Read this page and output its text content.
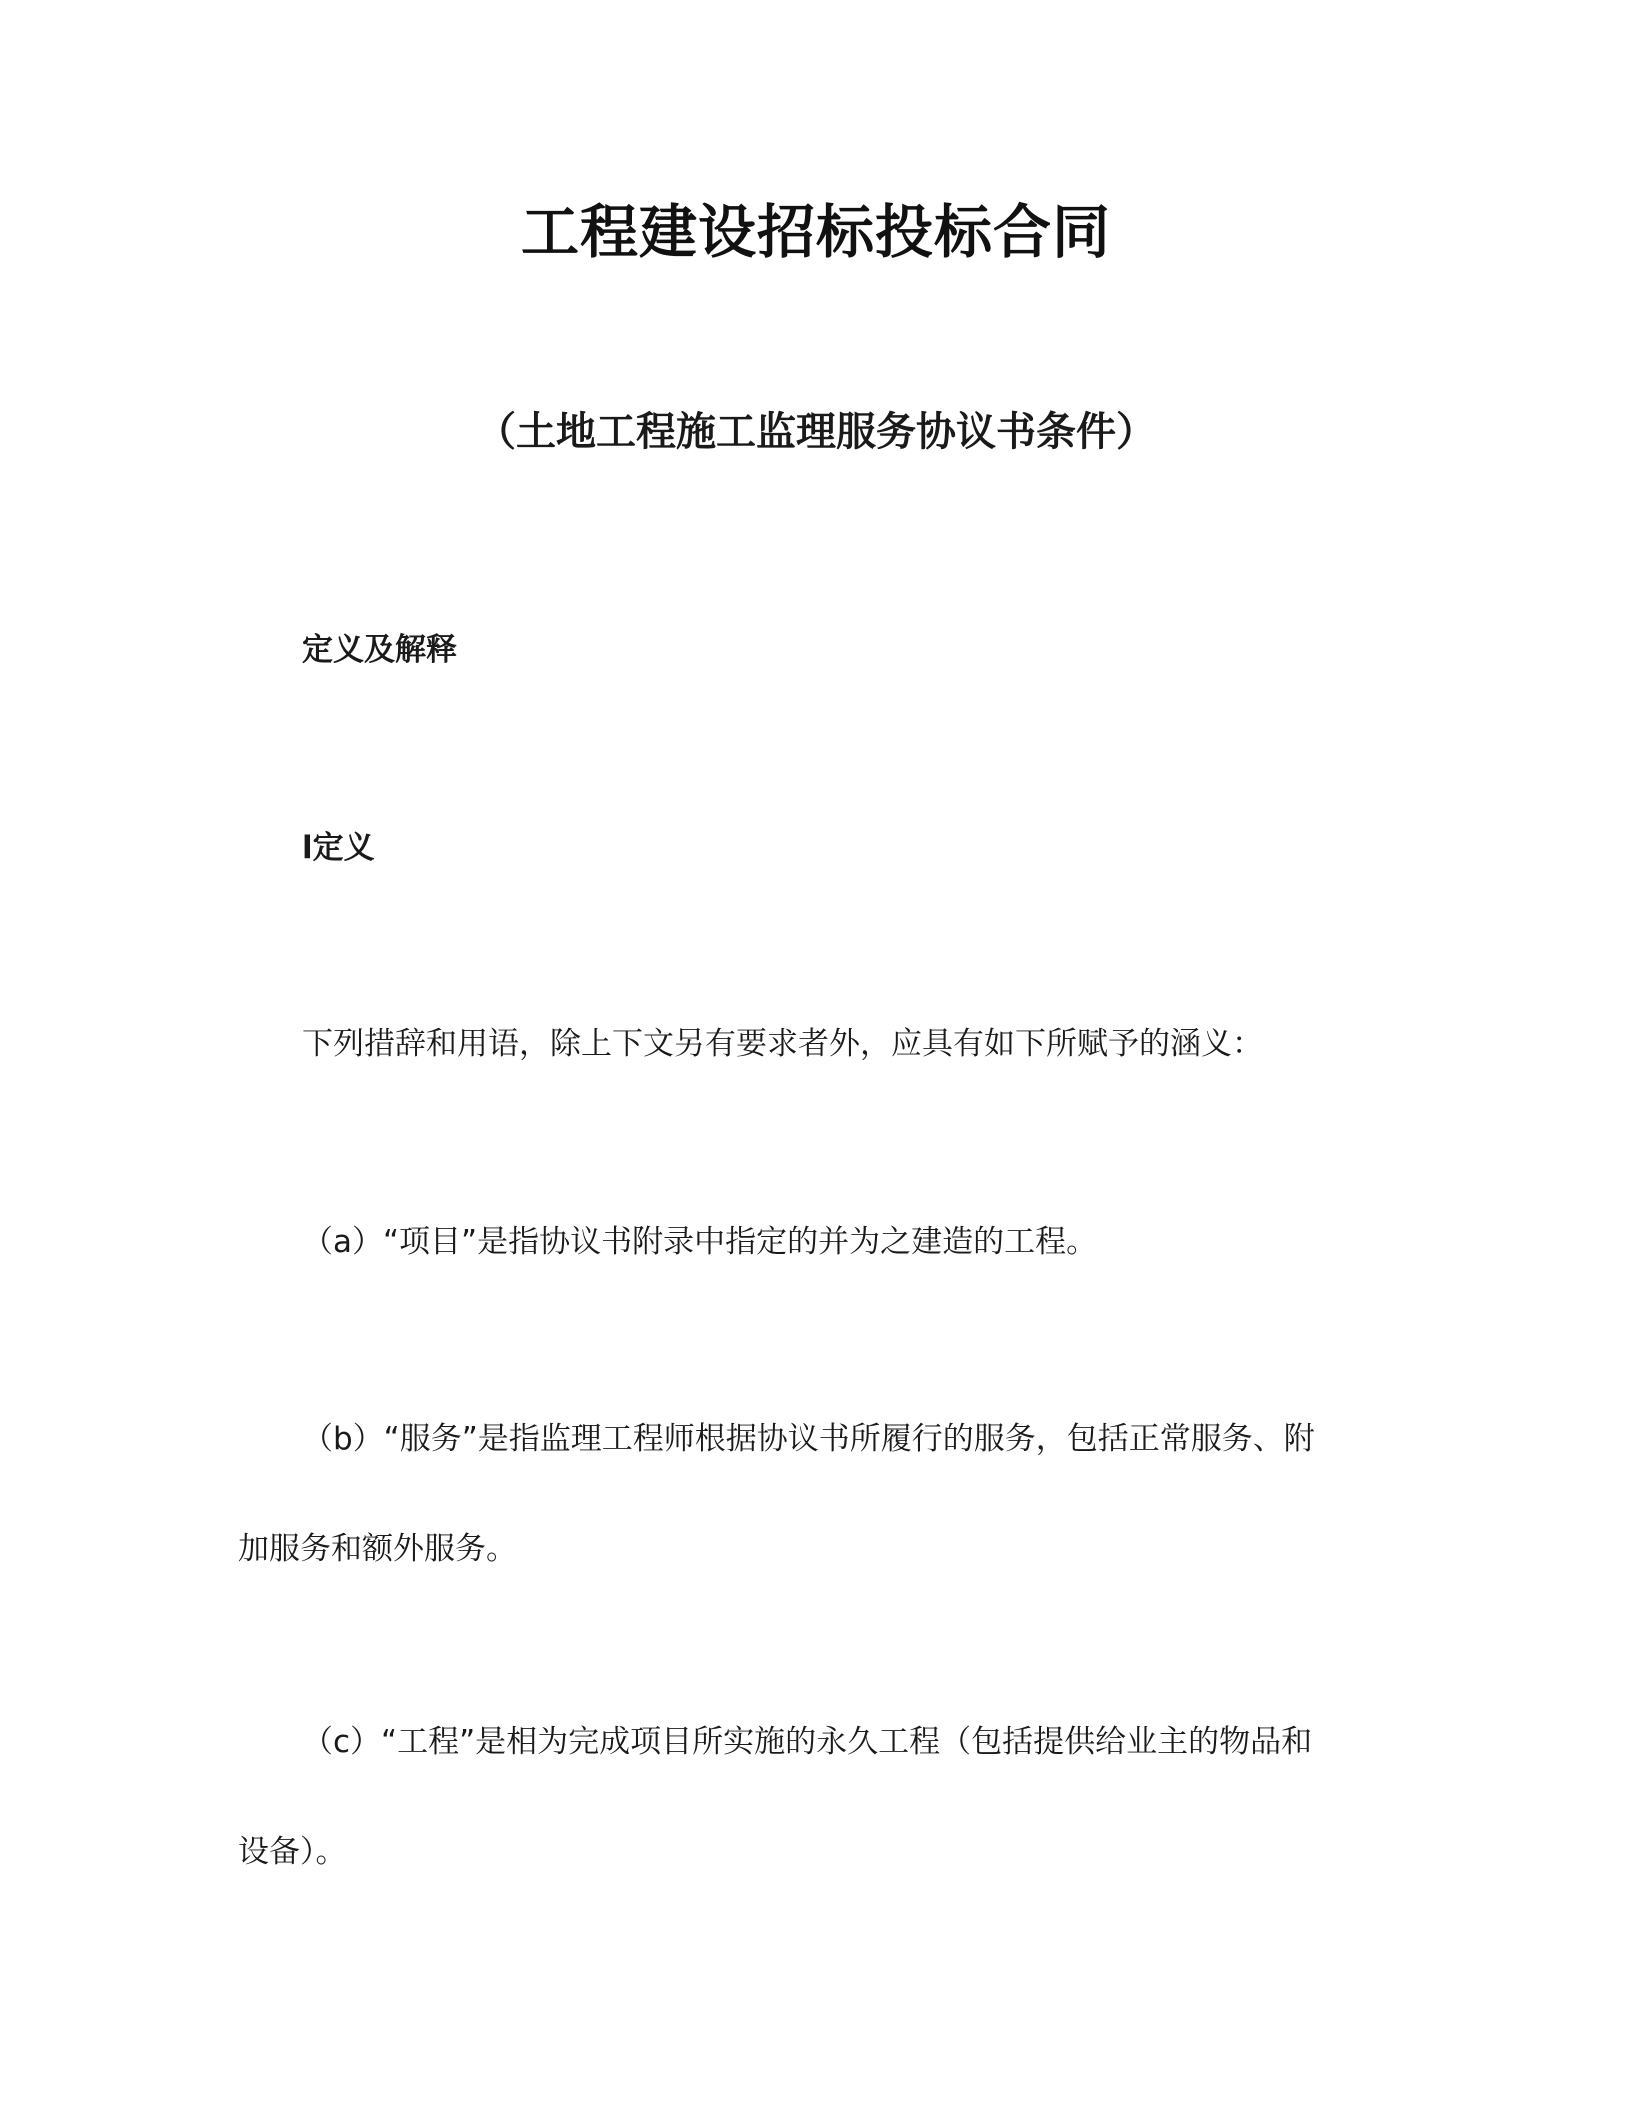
工程建设招标投标合同
（土地工程施工监理服务协议书条件）
定义及解释
l定义
下列措辞和用语，除上下文另有要求者外，应具有如下所赋予的涵义：
（a）“项目”是指协议书附录中指定的并为之建造的工程。
（b）“服务”是指监理工程师根据协议书所履行的服务，包括正常服务、附
加服务和额外服务。
（c）“工程”是相为完成项目所实施的永久工程（包括提供给业主的物品和
设备）。
